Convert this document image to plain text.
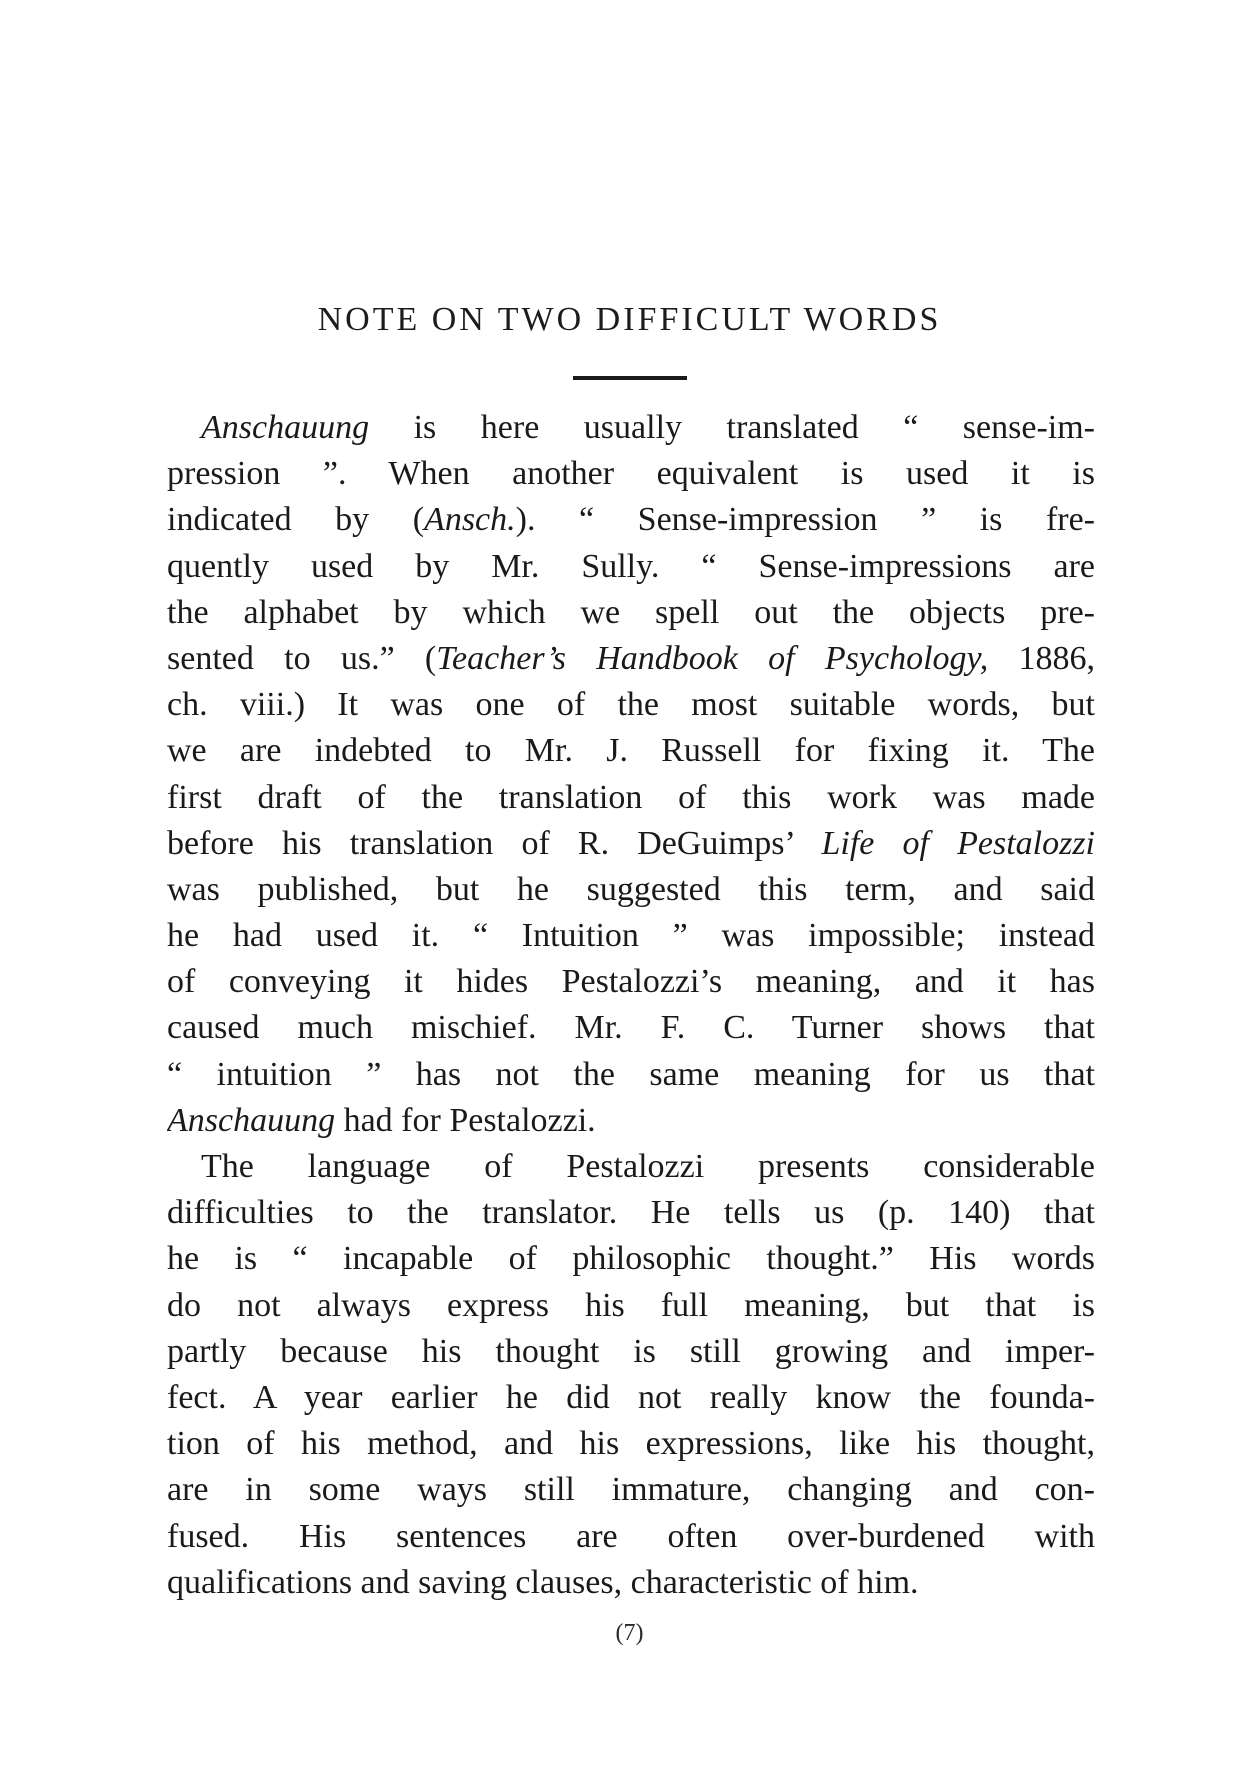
NOTE ON TWO DIFFICULT WORDS
Anschauung is here usually translated “ sense-im-
pression ”. When another equivalent is used it is
indicated by (Ansch.). “ Sense-impression ” is fre-
quently used by Mr. Sully. “ Sense-impressions are
the alphabet by which we spell out the objects pre-
sented to us.” (Teacher’s Handbook of Psychology, 1886,
ch. viii.) It was one of the most suitable words, but
we are indebted to Mr. J. Russell for fixing it. The
first draft of the translation of this work was made
before his translation of R. DeGuimps’ Life of Pestalozzi
was published, but he suggested this term, and said
he had used it. “ Intuition ” was impossible; instead
of conveying it hides Pestalozzi’s meaning, and it has
caused much mischief. Mr. F. C. Turner shows that
“ intuition ” has not the same meaning for us that
Anschauung had for Pestalozzi.
The language of Pestalozzi presents considerable
difficulties to the translator. He tells us (p. 140) that
he is “ incapable of philosophic thought.” His words
do not always express his full meaning, but that is
partly because his thought is still growing and imper-
fect. A year earlier he did not really know the founda-
tion of his method, and his expressions, like his thought,
are in some ways still immature, changing and con-
fused. His sentences are often over-burdened with
qualifications and saving clauses, characteristic of him.
(7)
